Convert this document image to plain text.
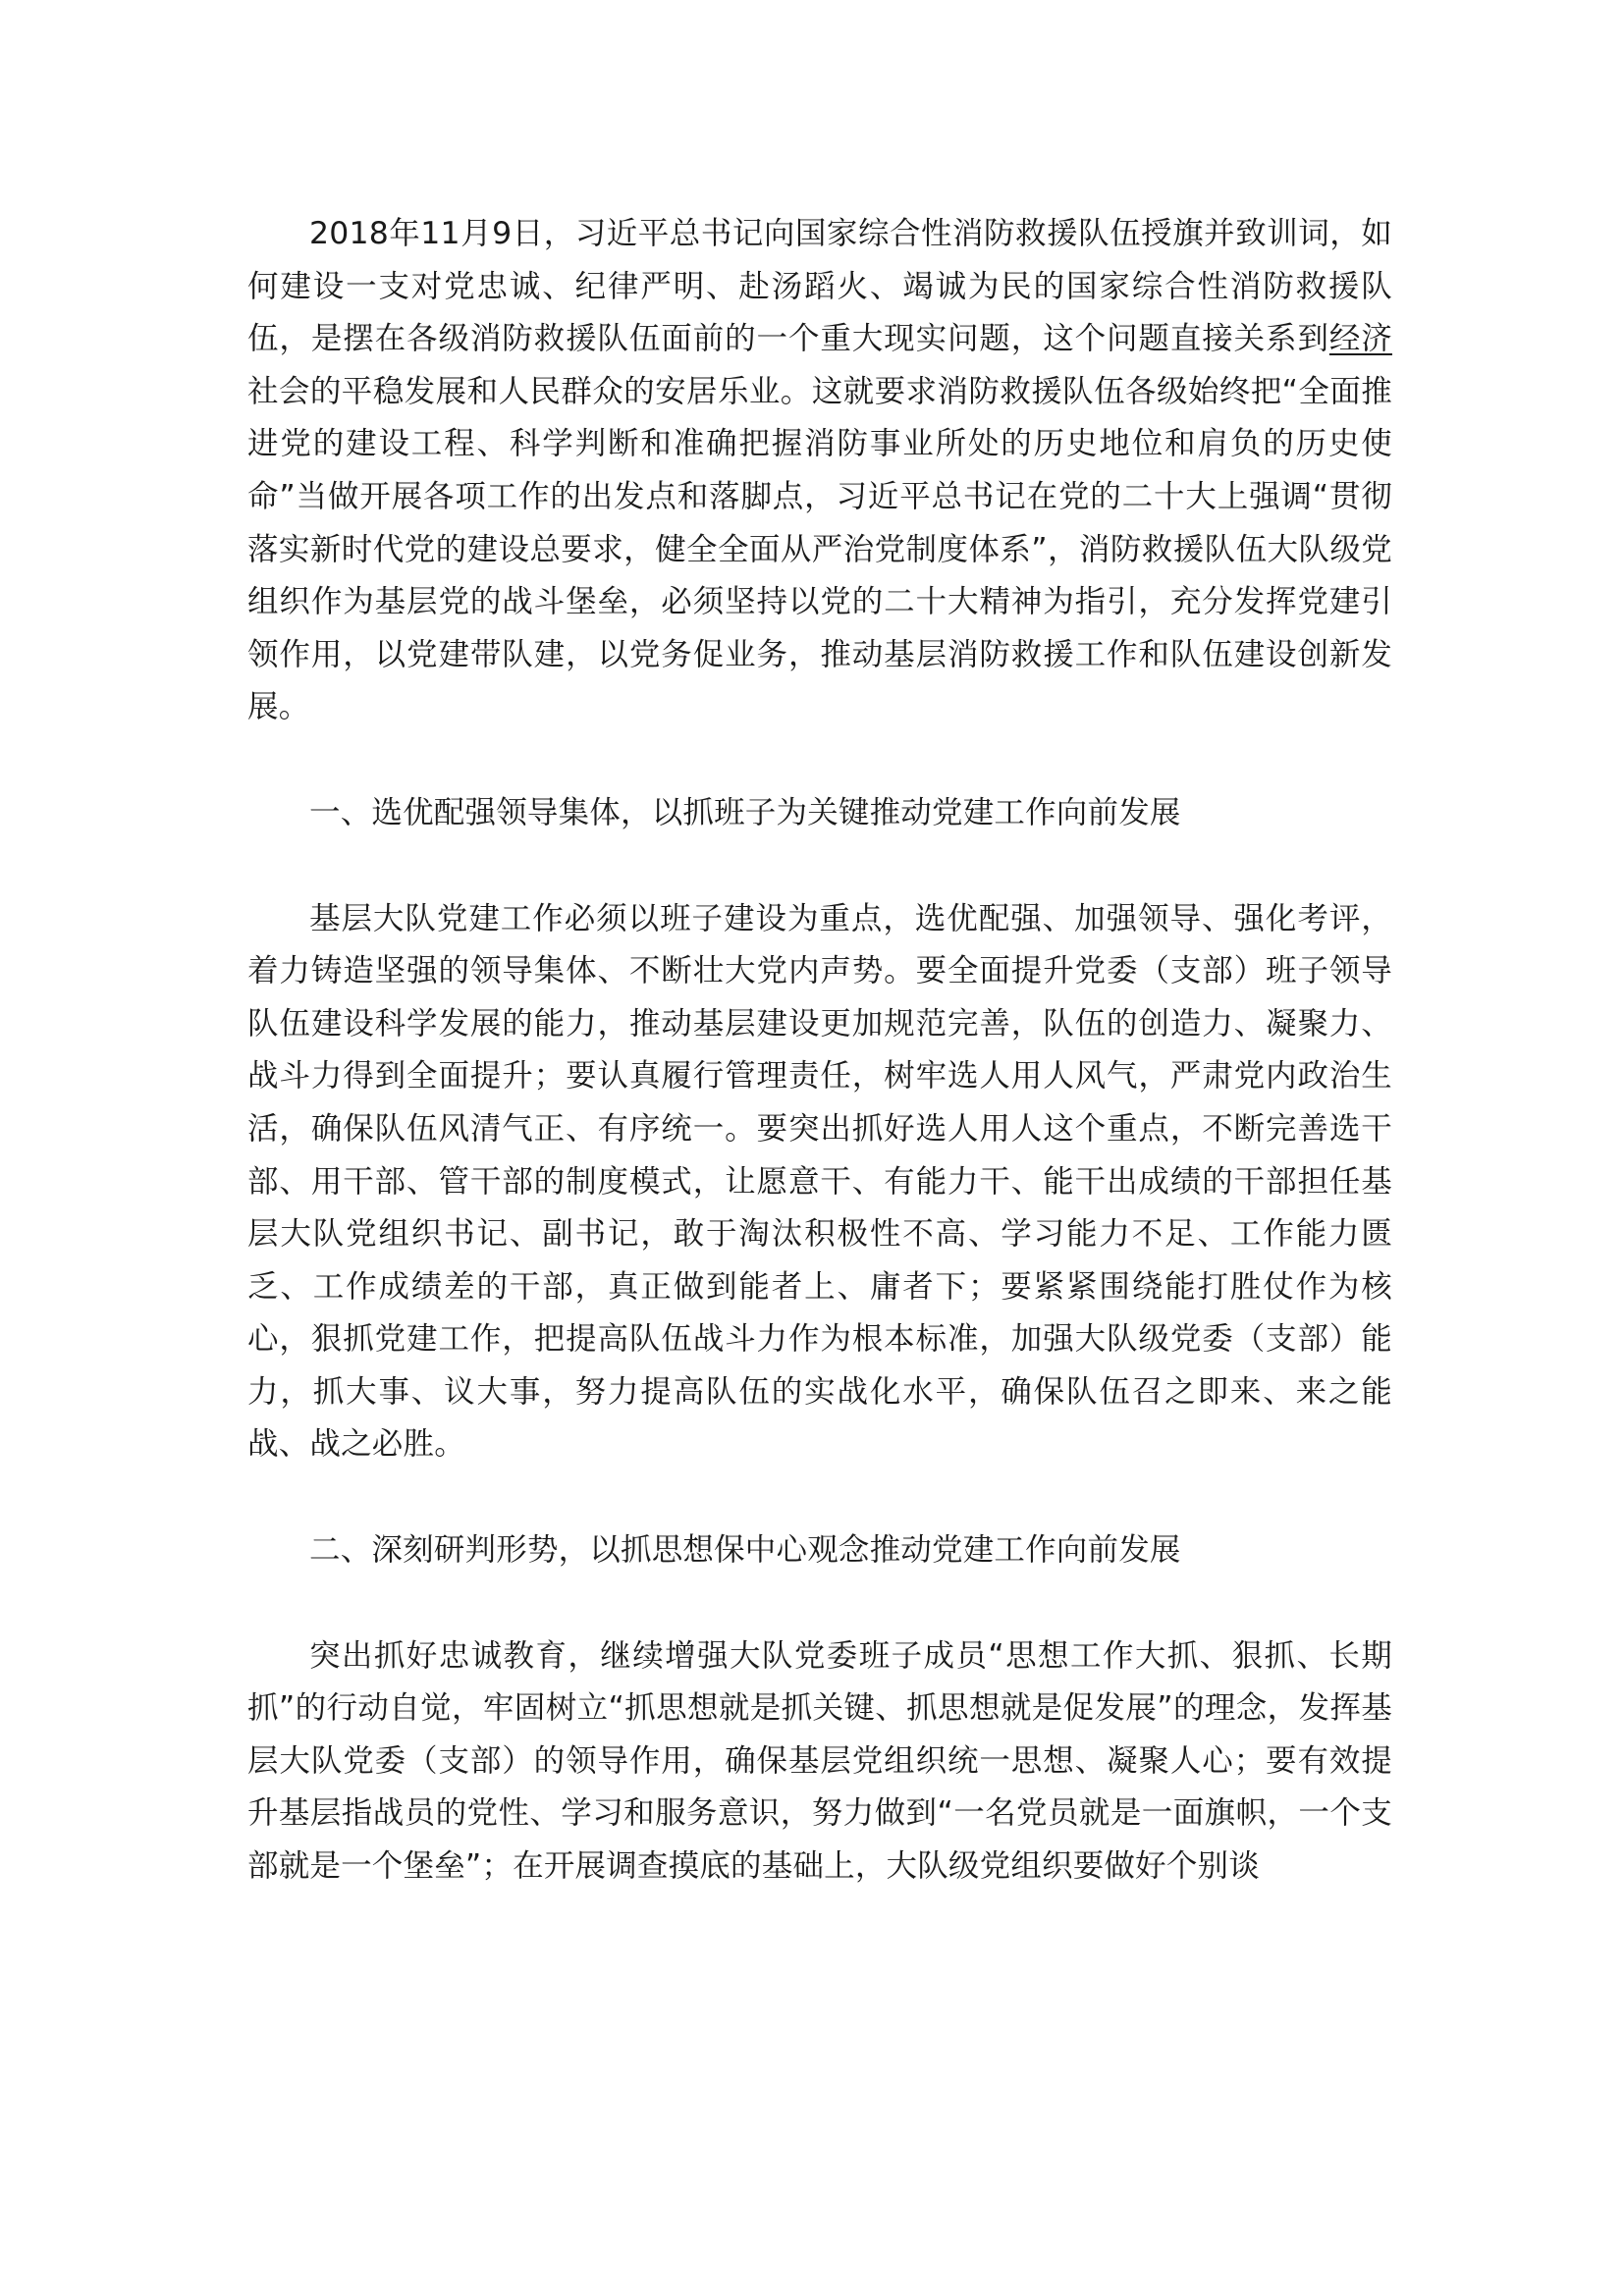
2018年11月9日，习近平总书记向国家综合性消防救援队伍授旗并致训词，如何建设一支对党忠诚、纪律严明、赴汤蹈火、竭诚为民的国家综合性消防救援队伍，是摆在各级消防救援队伍面前的一个重大现实问题，这个问题直接关系到经济社会的平稳发展和人民群众的安居乐业。这就要求消防救援队伍各级始终把“全面推进党的建设工程、科学判断和准确把握消防事业所处的历史地位和肩负的历史使命”当做开展各项工作的出发点和落脚点，习近平总书记在党的二十大上强调“贯彻落实新时代党的建设总要求，健全全面从严治党制度体系”，消防救援队伍大队级党组织作为基层党的战斗堡垒，必须坚持以党的二十大精神为指引，充分发挥党建引领作用，以党建带队建，以党务促业务，推动基层消防救援工作和队伍建设创新发展。

一、选优配强领导集体，以抓班子为关键推动党建工作向前发展

基层大队党建工作必须以班子建设为重点，选优配强、加强领导、强化考评，着力铸造坚强的领导集体、不断壮大党内声势。要全面提升党委（支部）班子领导队伍建设科学发展的能力，推动基层建设更加规范完善，队伍的创造力、凝聚力、战斗力得到全面提升；要认真履行管理责任，树牢选人用人风气，严肃党内政治生活，确保队伍风清气正、有序统一。要突出抓好选人用人这个重点，不断完善选干部、用干部、管干部的制度模式，让愿意干、有能力干、能干出成绩的干部担任基层大队党组织书记、副书记，敢于淘汰积极性不高、学习能力不足、工作能力匮乏、工作成绩差的干部，真正做到能者上、庸者下；要紧紧围绕能打胜仗作为核心，狠抓党建工作，把提高队伍战斗力作为根本标准，加强大队级党委（支部）能力，抓大事、议大事，努力提高队伍的实战化水平，确保队伍召之即来、来之能战、战之必胜。

二、深刻研判形势，以抓思想保中心观念推动党建工作向前发展

突出抓好忠诚教育，继续增强大队党委班子成员“思想工作大抓、狠抓、长期抓”的行动自觉，牢固树立“抓思想就是抓关键、抓思想就是促发展”的理念，发挥基层大队党委（支部）的领导作用，确保基层党组织统一思想、凝聚人心；要有效提升基层指战员的党性、学习和服务意识，努力做到“一名党员就是一面旗帜，一个支部就是一个堡垒”；在开展调查摸底的基础上，大队级党组织要做好个别谈
